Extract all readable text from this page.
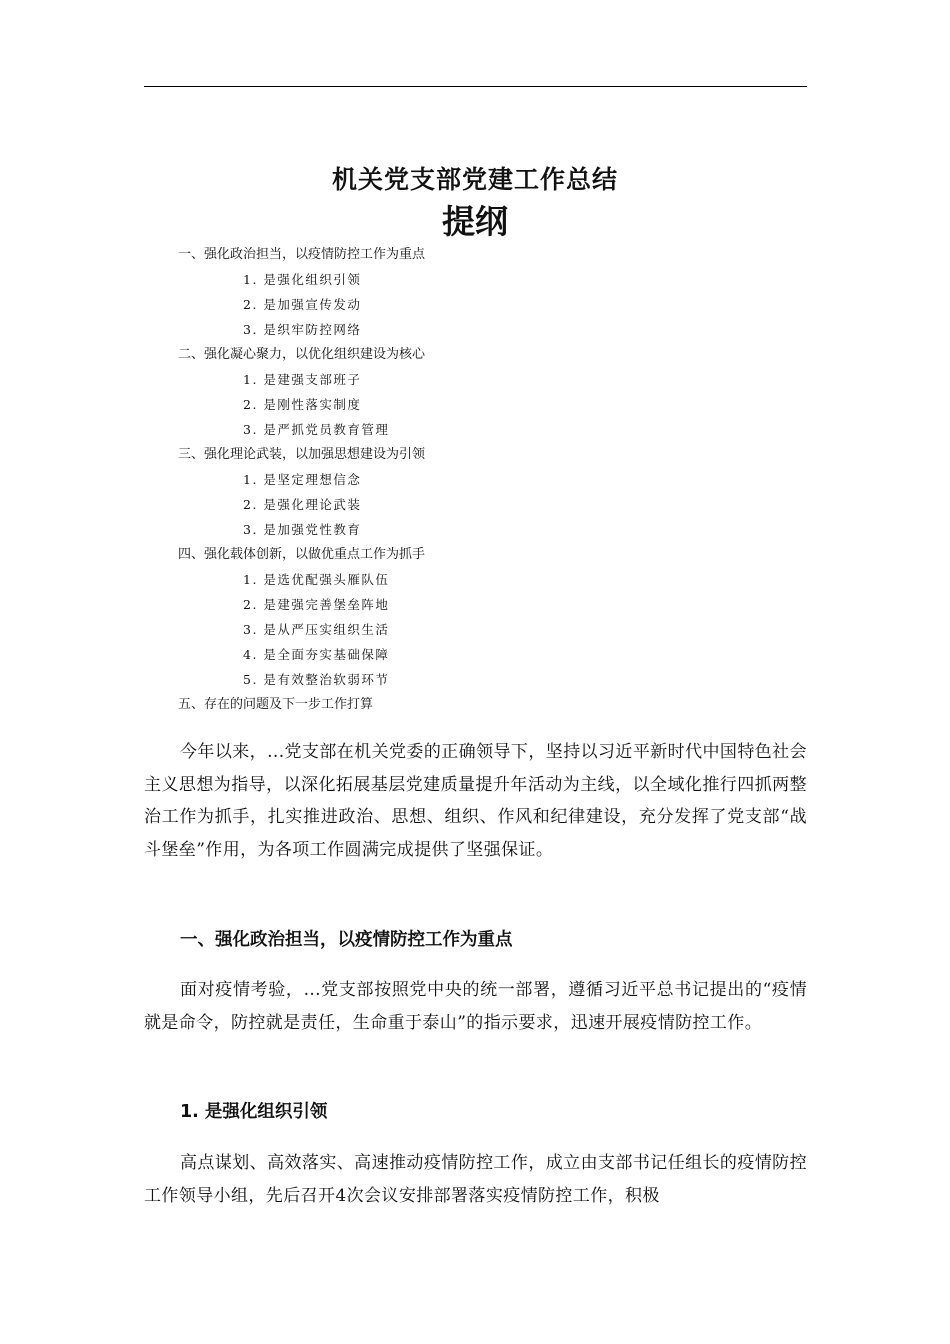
机关党支部党建工作总结
提纲
一、强化政治担当，以疫情防控工作为重点
1. 是强化组织引领
2. 是加强宣传发动
3. 是织牢防控网络
二、强化凝心聚力，以优化组织建设为核心
1. 是建强支部班子
2. 是刚性落实制度
3. 是严抓党员教育管理
三、强化理论武装，以加强思想建设为引领
1. 是坚定理想信念
2. 是强化理论武装
3. 是加强党性教育
四、强化载体创新，以做优重点工作为抓手
1. 是选优配强头雁队伍
2. 是建强完善堡垒阵地
3. 是从严压实组织生活
4. 是全面夯实基础保障
5. 是有效整治软弱环节
五、存在的问题及下一步工作打算

今年以来，...党支部在机关党委的正确领导下，坚持以习近平新时代中国特色社会主义思想为指导，以深化拓展基层党建质量提升年活动为主线，以全域化推行四抓两整治工作为抓手，扎实推进政治、思想、组织、作风和纪律建设，充分发挥了党支部“战斗堡垒”作用，为各项工作圆满完成提供了坚强保证。

一、强化政治担当，以疫情防控工作为重点

面对疫情考验，...党支部按照党中央的统一部署，遵循习近平总书记提出的“疫情就是命令，防控就是责任，生命重于泰山”的指示要求，迅速开展疫情防控工作。

1. 是强化组织引领

高点谋划、高效落实、高速推动疫情防控工作，成立由支部书记任组长的疫情防控工作领导小组，先后召开4次会议安排部署落实疫情防控工作，积极
